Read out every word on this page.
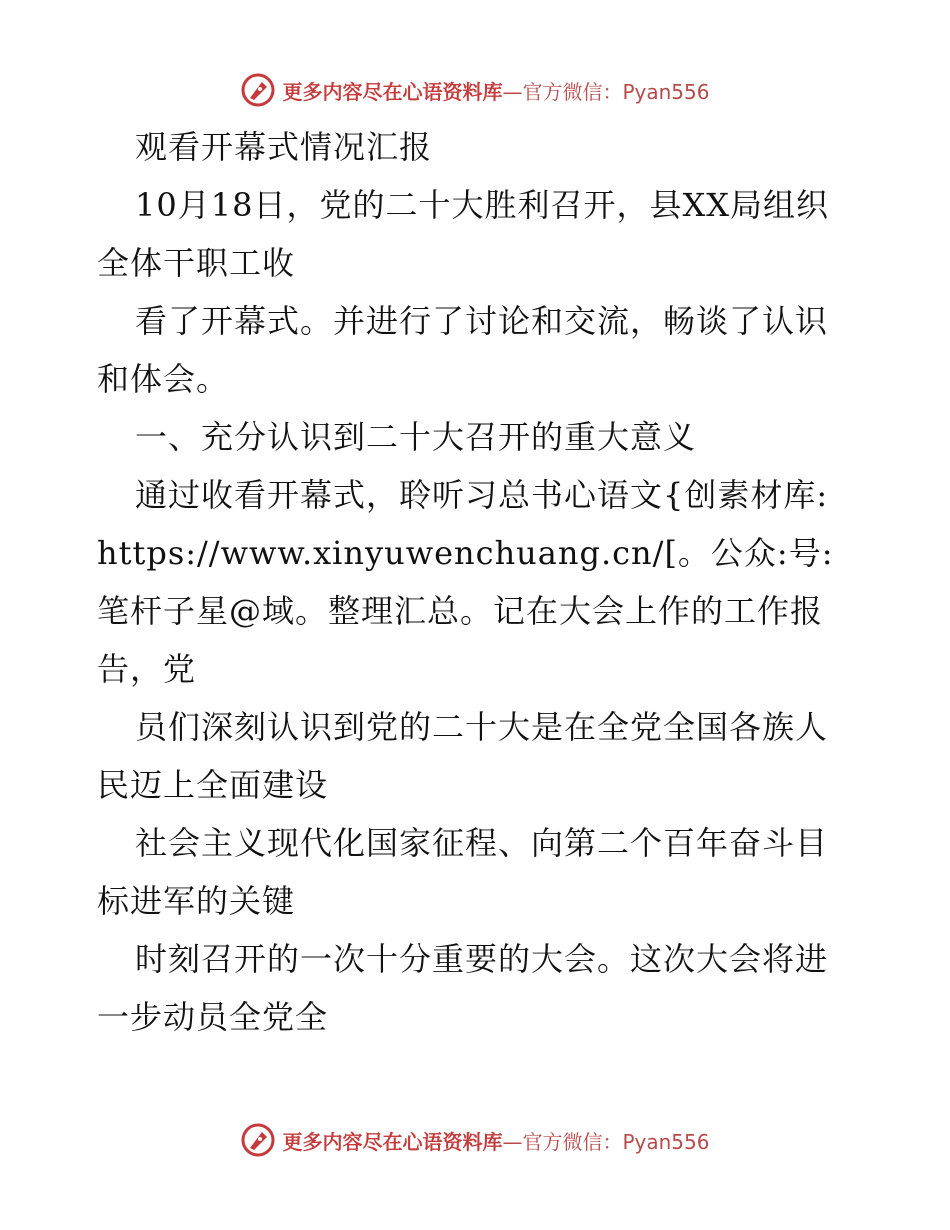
更多内容尽在心语资料库—官方微信：Pyan556

观看开幕式情况汇报

10月18日，党的二十大胜利召开，县XX局组织全体干职工收

看了开幕式。并进行了讨论和交流，畅谈了认识和体会。

一、充分认识到二十大召开的重大意义

通过收看开幕式，聆听习总书心语文{创素材库: https://www.xinyuwenchuang.cn/[。公众:号: 笔杆子星@域。整理汇总。记在大会上作的工作报告，党

员们深刻认识到党的二十大是在全党全国各族人民迈上全面建设

社会主义现代化国家征程、向第二个百年奋斗目标进军的关键

时刻召开的一次十分重要的大会。这次大会将进一步动员全党全

更多内容尽在心语资料库—官方微信：Pyan556
